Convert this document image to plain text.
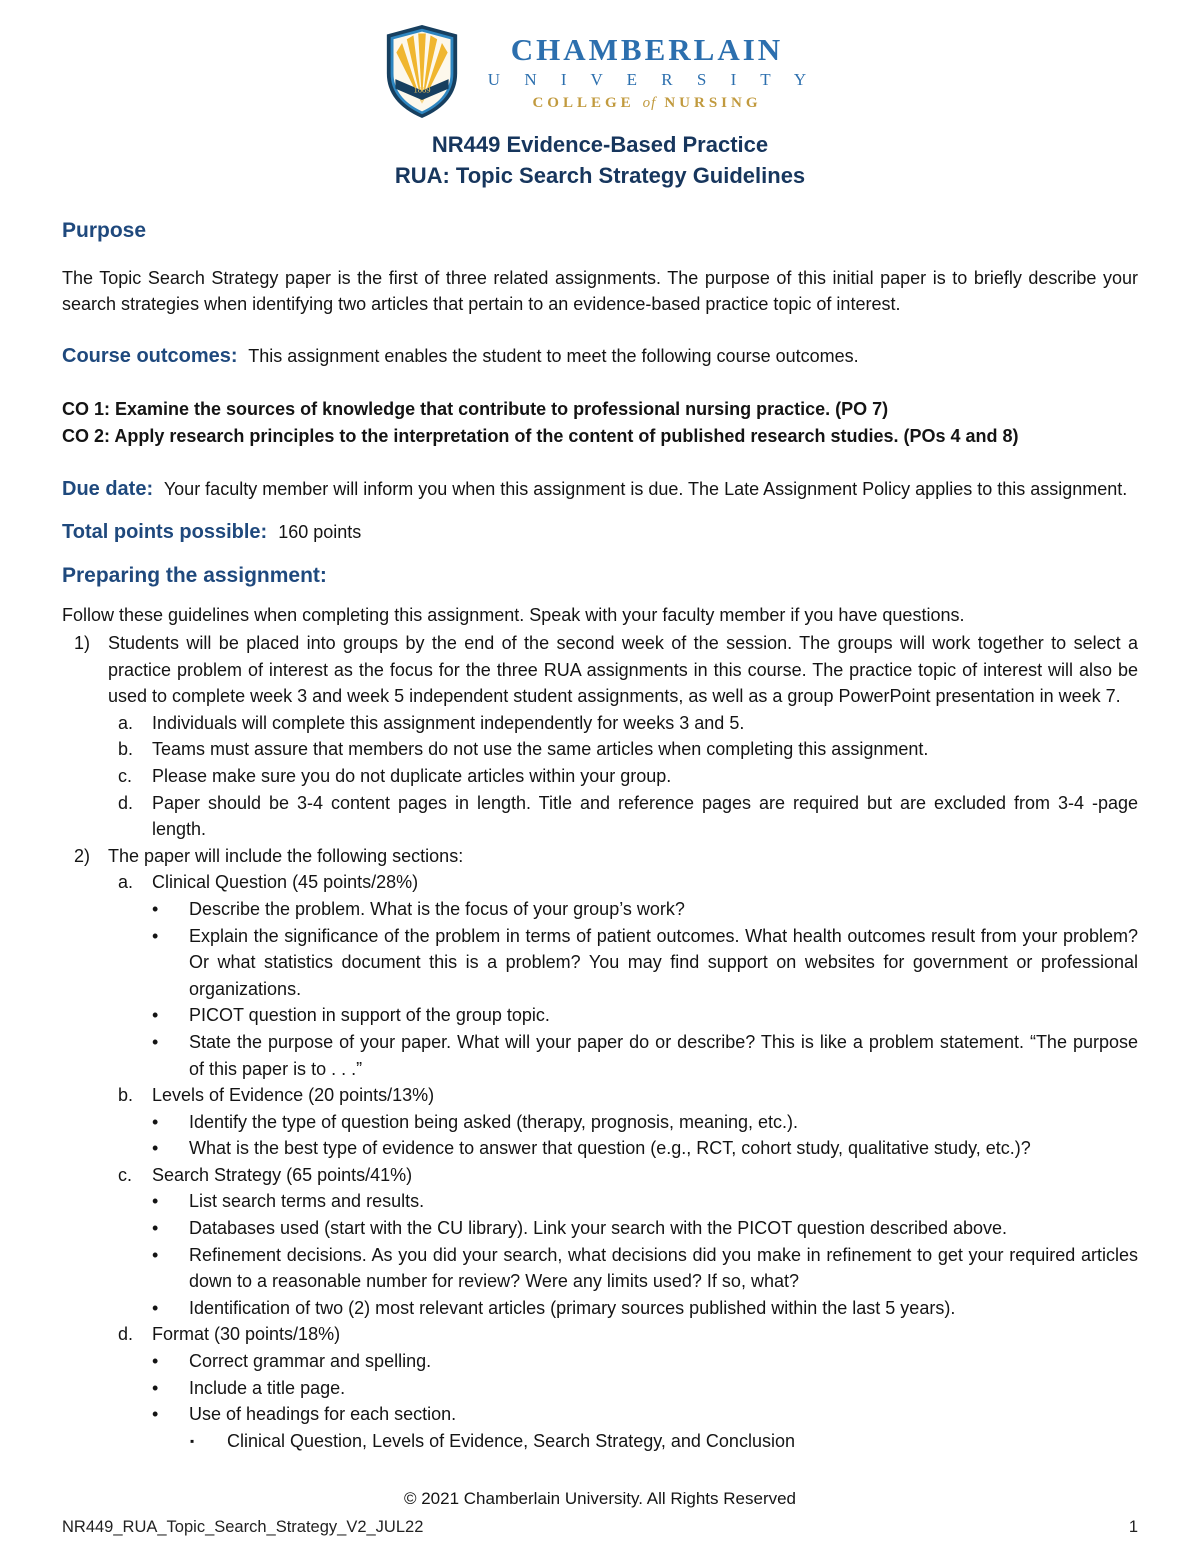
1889
CHAMBERLAIN
U N I V E R S I T Y
COLLEGE of NURSING
NR449 Evidence-Based Practice
RUA: Topic Search Strategy Guidelines
Purpose

The Topic Search Strategy paper is the first of three related assignments. The purpose of this initial paper is to briefly describe your search strategies when identifying two articles that pertain to an evidence-based practice topic of interest.

Course outcomes: This assignment enables the student to meet the following course outcomes.

CO 1: Examine the sources of knowledge that contribute to professional nursing practice. (PO 7)
CO 2: Apply research principles to the interpretation of the content of published research studies. (POs 4 and 8)

Due date: Your faculty member will inform you when this assignment is due. The Late Assignment Policy applies to this assignment.

Total points possible: 160 points

Preparing the assignment:

Follow these guidelines when completing this assignment. Speak with your faculty member if you have questions.

1) Students will be placed into groups by the end of the second week of the session. The groups will work together to select a practice problem of interest as the focus for the three RUA assignments in this course. The practice topic of interest will also be used to complete week 3 and week 5 independent student assignments, as well as a group PowerPoint presentation in week 7.
a.	Individuals will complete this assignment independently for weeks 3 and 5.
b.	Teams must assure that members do not use the same articles when completing this assignment.
c.	Please make sure you do not duplicate articles within your group.
d.	Paper should be 3-4 content pages in length. Title and reference pages are required but are excluded from 3-4 -page length.
2) The paper will include the following sections:
a.	Clinical Question (45 points/28%)
•	Describe the problem. What is the focus of your group’s work?
•	Explain the significance of the problem in terms of patient outcomes. What health outcomes result from your problem? Or what statistics document this is a problem? You may find support on websites for government or professional organizations.
•	PICOT question in support of the group topic.
•	State the purpose of your paper. What will your paper do or describe? This is like a problem statement. “The purpose of this paper is to . . .”
b.	Levels of Evidence (20 points/13%)
•	Identify the type of question being asked (therapy, prognosis, meaning, etc.).
•	What is the best type of evidence to answer that question (e.g., RCT, cohort study, qualitative study, etc.)?
c.	Search Strategy (65 points/41%)
•	List search terms and results.
•	Databases used (start with the CU library). Link your search with the PICOT question described above.
•	Refinement decisions. As you did your search, what decisions did you make in refinement to get your required articles down to a reasonable number for review? Were any limits used? If so, what?
•	Identification of two (2) most relevant articles (primary sources published within the last 5 years).
d.	Format (30 points/18%)
•	Correct grammar and spelling.
•	Include a title page.
•	Use of headings for each section.
▪	Clinical Question, Levels of Evidence, Search Strategy, and Conclusion
© 2021 Chamberlain University. All Rights Reserved
NR449_RUA_Topic_Search_Strategy_V2_JUL22	1
